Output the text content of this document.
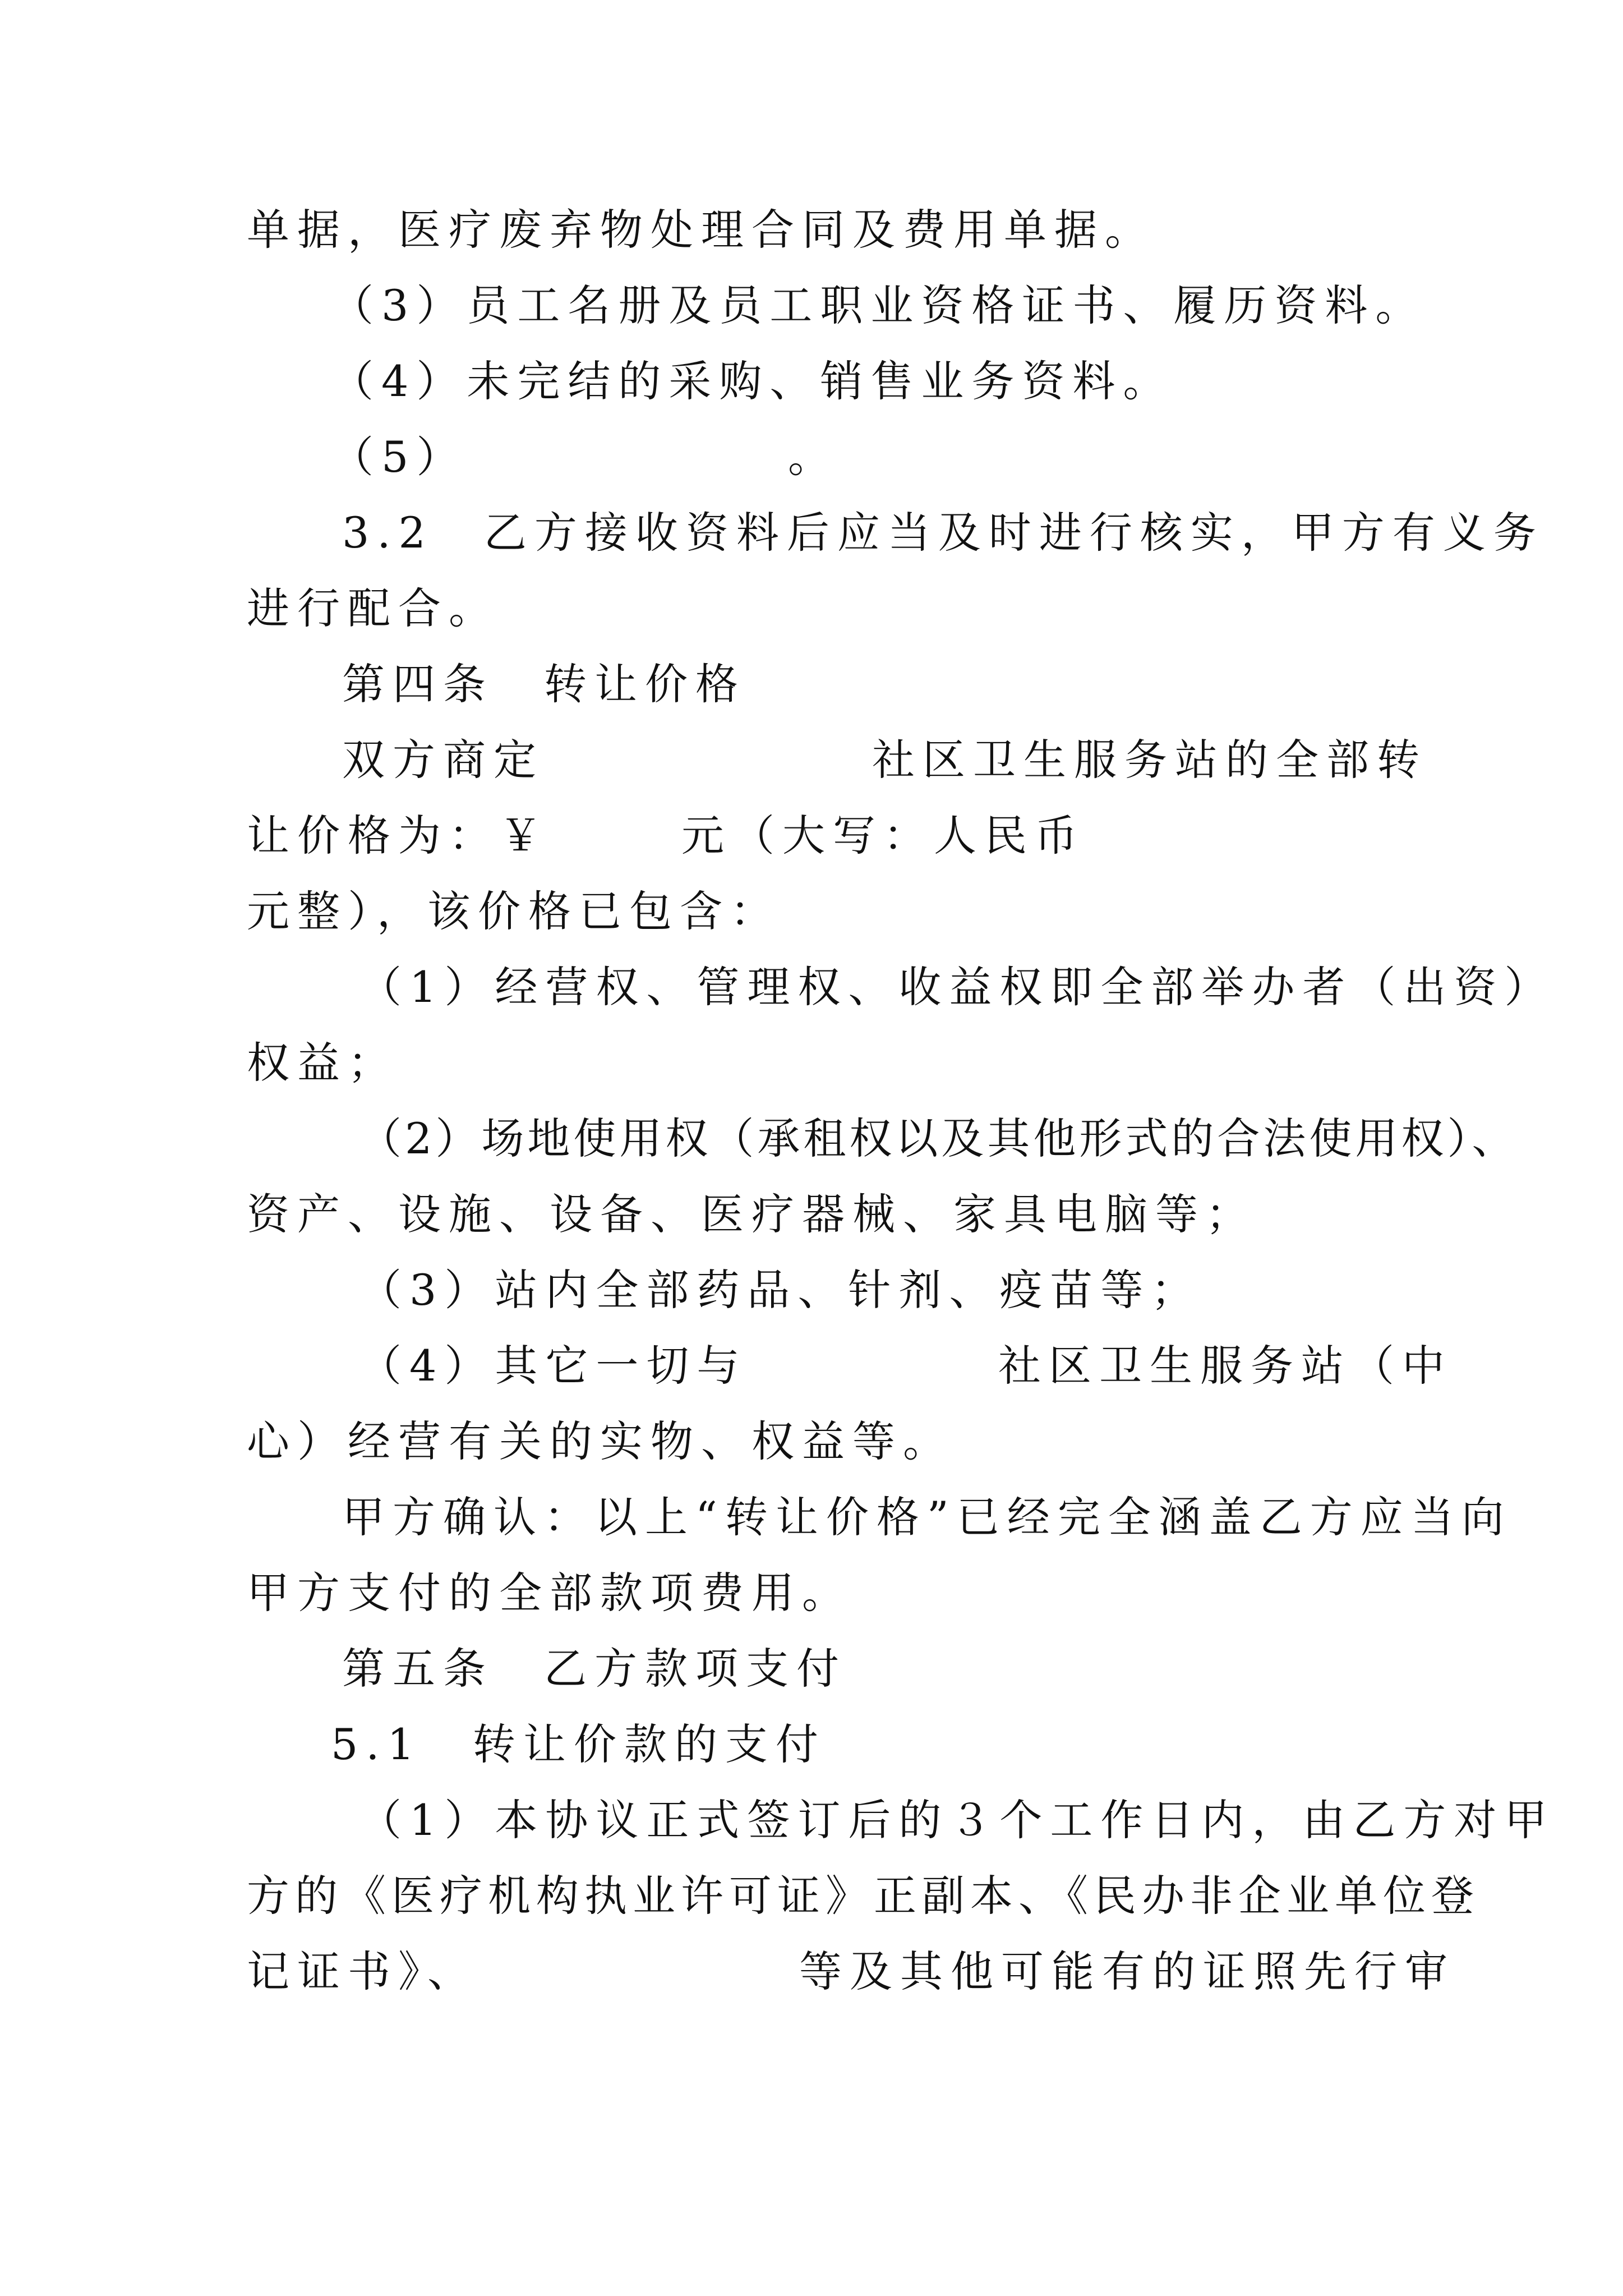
单据，医疗废弃物处理合同及费用单据。
（3）员工名册及员工职业资格证书、履历资料。
（4）未完结的采购、销售业务资料。
（5）	。
3.2　乙方接收资料后应当及时进行核实，甲方有义务
进行配合。
第四条　转让价格
双方商定	社区卫生服务站的全部转
让价格为：￥	元（大写：人民币
元整），该价格已包含：
（1）经营权、管理权、收益权即全部举办者（出资）
权益；
（2）场地使用权（承租权以及其他形式的合法使用权）、
资产、设施、设备、医疗器械、家具电脑等；
（3）站内全部药品、针剂、疫苗等；
（4）其它一切与	社区卫生服务站（中
心）经营有关的实物、权益等。
甲方确认：以上“转让价格”已经完全涵盖乙方应当向
甲方支付的全部款项费用。
第五条　乙方款项支付
5.1　转让价款的支付
（1）本协议正式签订后的３个工作日内，由乙方对甲
方的《医疗机构执业许可证》正副本、《民办非企业单位登
记证书》、	等及其他可能有的证照先行审
